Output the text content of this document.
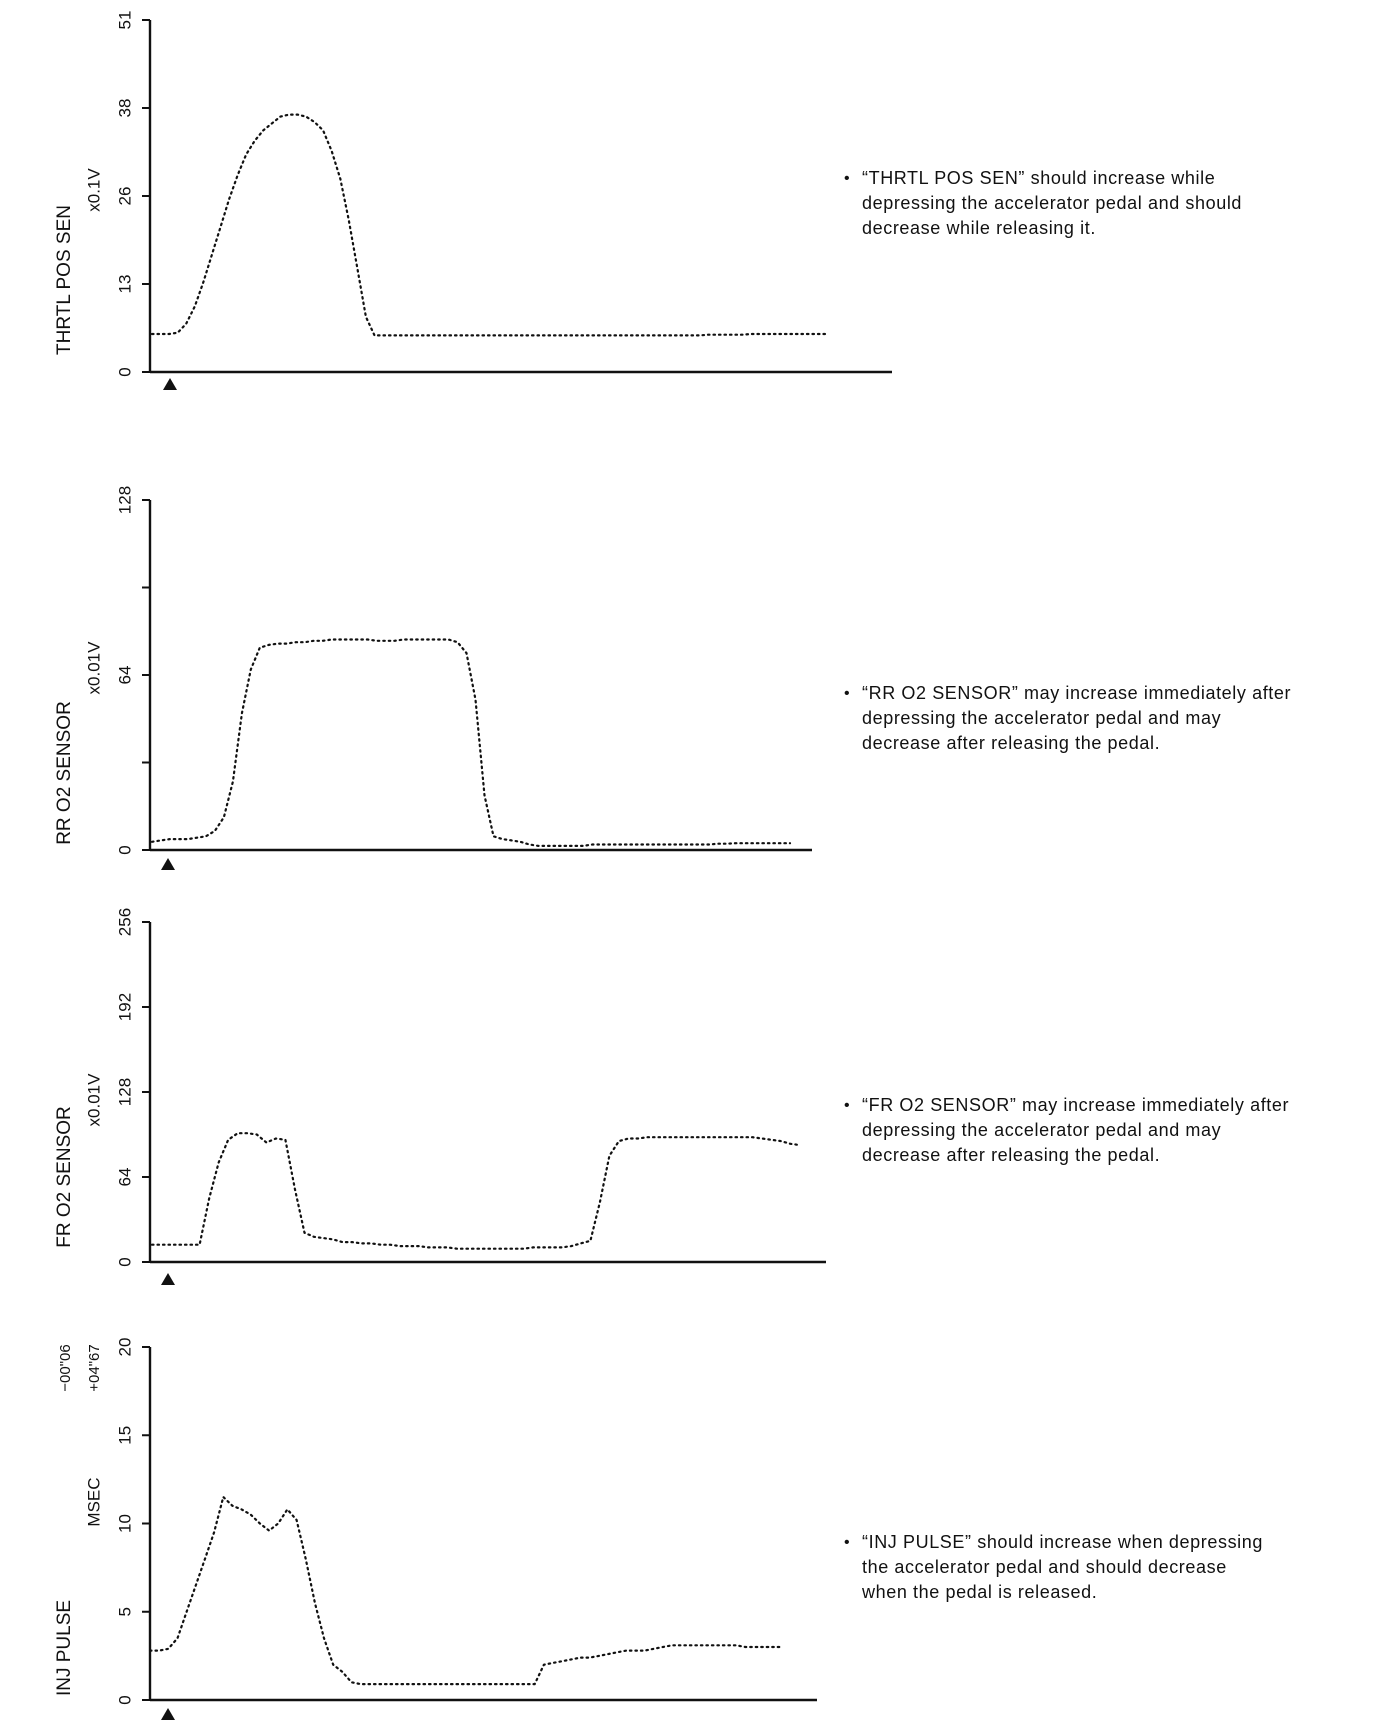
0
13
26
38
51
THRTL POS SEN
x0.1V
0
64
128
RR O2 SENSOR
x0.01V
0
64
128
192
256
FR O2 SENSOR
x0.01V
0
5
10
15
20
INJ PULSE
MSEC
−00"06 +04"67
• “THRTL POS SEN” should increase while
depressing the accelerator pedal and should
decrease while releasing it.
• “RR O2 SENSOR” may increase immediately after
depressing the accelerator pedal and may
decrease after releasing the pedal.
• “FR O2 SENSOR” may increase immediately after
depressing the accelerator pedal and may
decrease after releasing the pedal.
• “INJ PULSE” should increase when depressing
the accelerator pedal and should decrease
when the pedal is released.
